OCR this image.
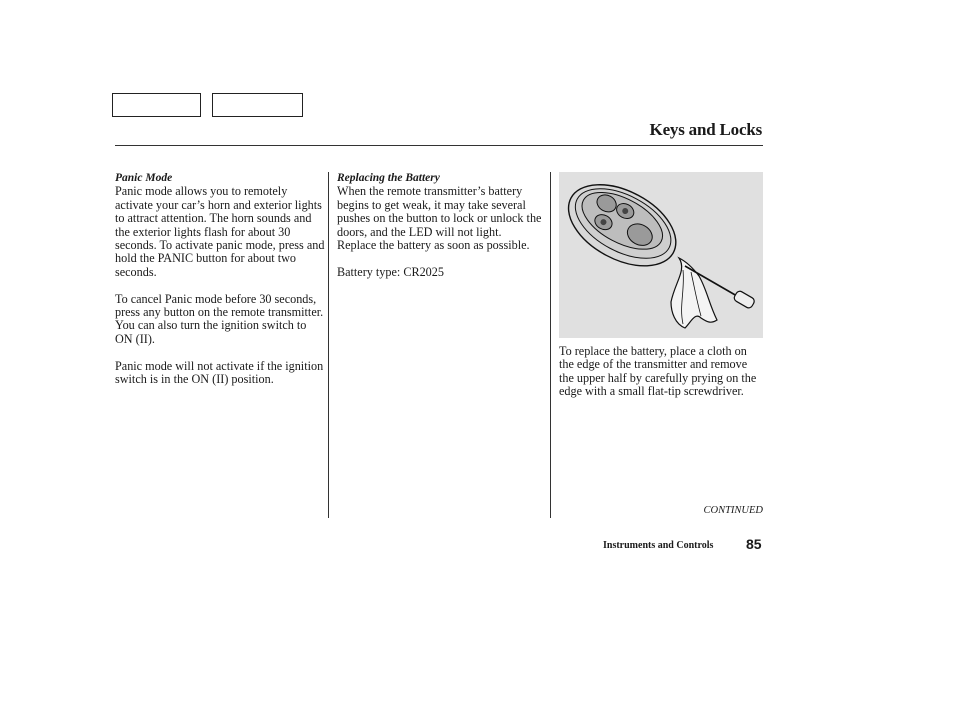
Keys and Locks
Panic Mode

Panic mode allows you to remotely activate your car’s horn and exterior lights to attract attention. The horn sounds and the exterior lights flash for about 30 seconds. To activate panic mode, press and hold the PANIC button for about two seconds.

To cancel Panic mode before 30 seconds, press any button on the remote transmitter. You can also turn the ignition switch to ON (II).

Panic mode will not activate if the ignition switch is in the ON (II) position.

Replacing the Battery

When the remote transmitter’s battery begins to get weak, it may take several pushes on the button to lock or unlock the doors, and the LED will not light. Replace the battery as soon as possible.

Battery type: CR2025

To replace the battery, place a cloth on the edge of the transmitter and remove the upper half by carefully prying on the edge with a small flat-tip screwdriver.

CONTINUED
Instruments and Controls 85
